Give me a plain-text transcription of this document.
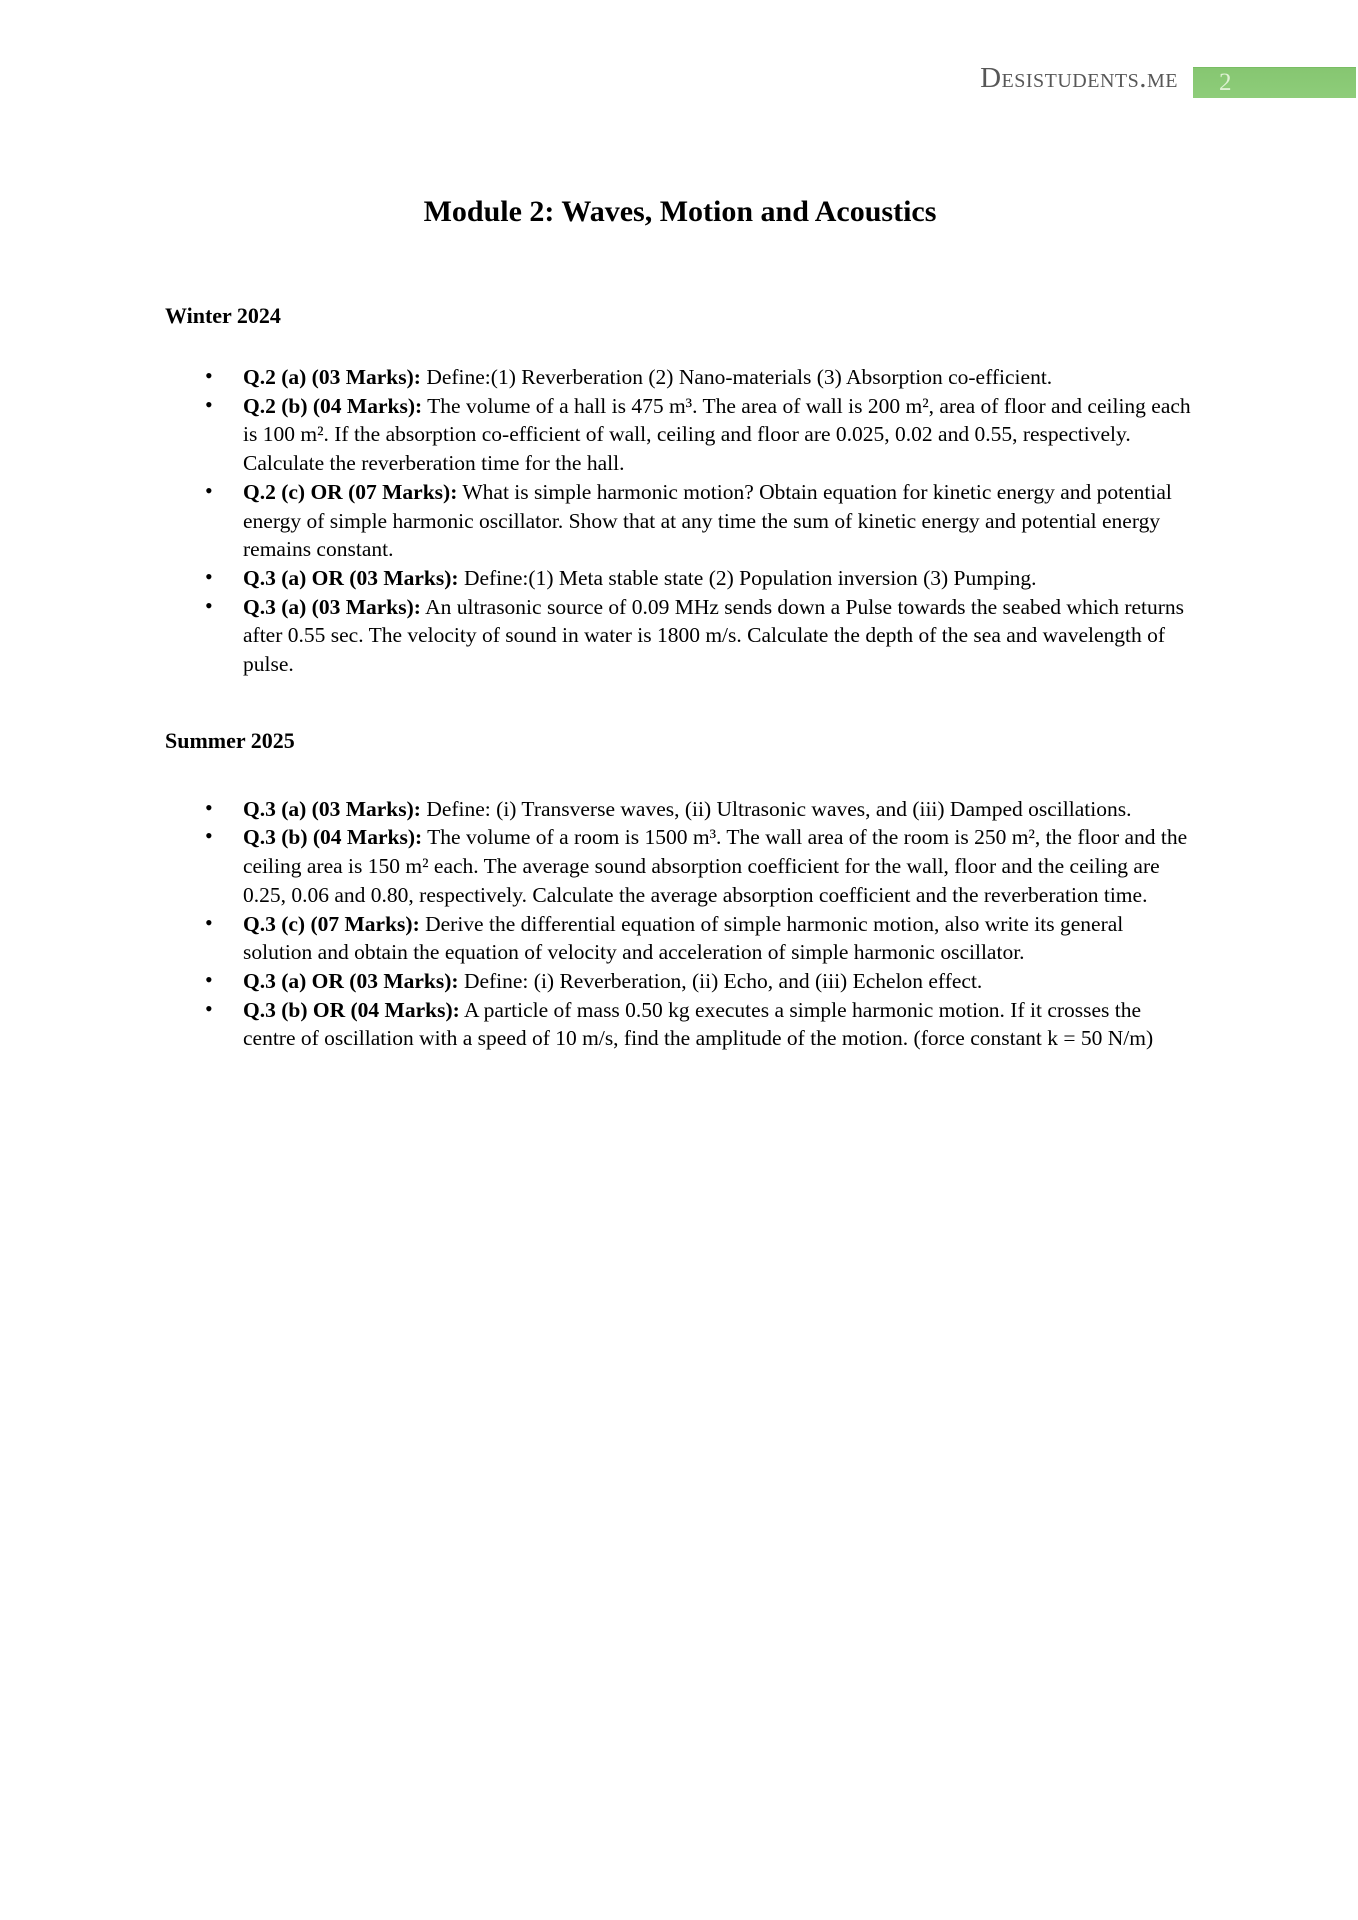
Desistudents.me	2
Module 2: Waves, Motion and Acoustics
Winter 2024
• Q.2 (a) (03 Marks): Define:(1) Reverberation (2) Nano-materials (3) Absorption co-efficient.
• Q.2 (b) (04 Marks): The volume of a hall is 475 m³. The area of wall is 200 m², area of floor and ceiling each is 100 m². If the absorption co-efficient of wall, ceiling and floor are 0.025, 0.02 and 0.55, respectively. Calculate the reverberation time for the hall.
• Q.2 (c) OR (07 Marks): What is simple harmonic motion? Obtain equation for kinetic energy and potential energy of simple harmonic oscillator. Show that at any time the sum of kinetic energy and potential energy remains constant.
• Q.3 (a) OR (03 Marks): Define:(1) Meta stable state (2) Population inversion (3) Pumping.
• Q.3 (a) (03 Marks): An ultrasonic source of 0.09 MHz sends down a Pulse towards the seabed which returns after 0.55 sec. The velocity of sound in water is 1800 m/s. Calculate the depth of the sea and wavelength of pulse.
Summer 2025
• Q.3 (a) (03 Marks): Define: (i) Transverse waves, (ii) Ultrasonic waves, and (iii) Damped oscillations.
• Q.3 (b) (04 Marks): The volume of a room is 1500 m³. The wall area of the room is 250 m², the floor and the ceiling area is 150 m² each. The average sound absorption coefficient for the wall, floor and the ceiling are 0.25, 0.06 and 0.80, respectively. Calculate the average absorption coefficient and the reverberation time.
• Q.3 (c) (07 Marks): Derive the differential equation of simple harmonic motion, also write its general solution and obtain the equation of velocity and acceleration of simple harmonic oscillator.
• Q.3 (a) OR (03 Marks): Define: (i) Reverberation, (ii) Echo, and (iii) Echelon effect.
• Q.3 (b) OR (04 Marks): A particle of mass 0.50 kg executes a simple harmonic motion. If it crosses the centre of oscillation with a speed of 10 m/s, find the amplitude of the motion. (force constant k = 50 N/m)
